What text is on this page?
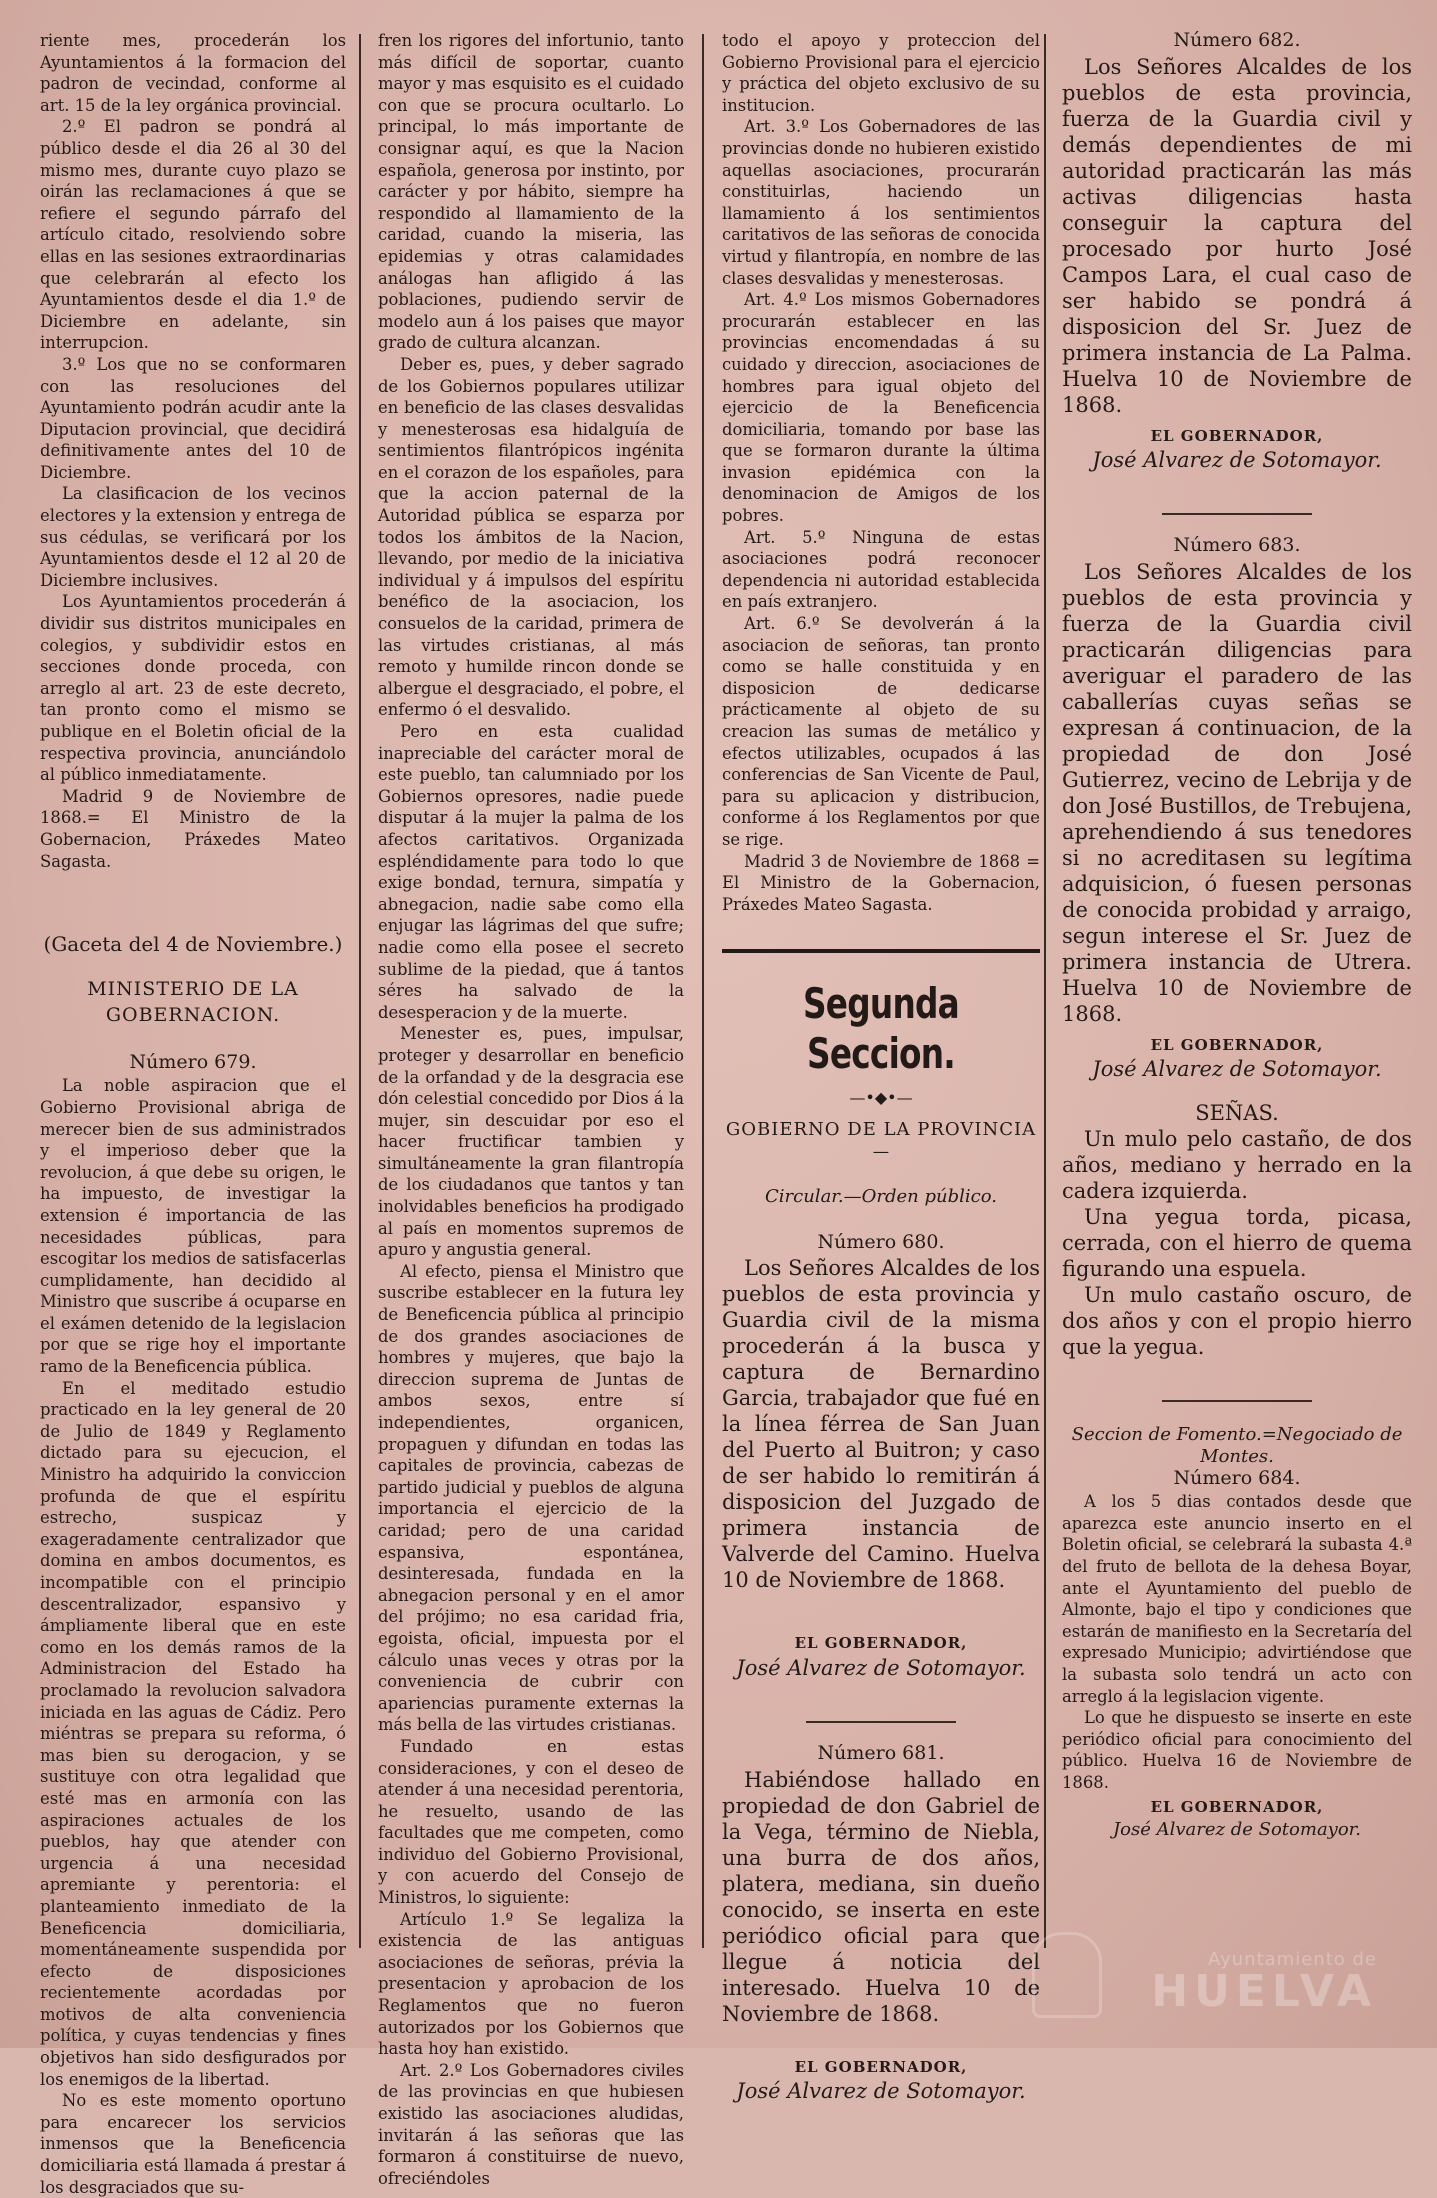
riente mes, procederán los Ayuntamientos á la formacion del padron de vecindad, conforme al art. 15 de la ley orgánica provincial.

2.º El padron se pondrá al público desde el dia 26 al 30 del mismo mes, durante cuyo plazo se oirán las reclamaciones á que se refiere el segundo párrafo del artículo citado, resolviendo sobre ellas en las sesiones extraordinarias que celebrarán al efecto los Ayuntamientos desde el dia 1.º de Diciembre en adelante, sin interrupcion.

3.º Los que no se conformaren con las resoluciones del Ayuntamiento podrán acudir ante la Diputacion provincial, que decidirá definitivamente antes del 10 de Diciembre.

La clasificacion de los vecinos electores y la extension y entrega de sus cédulas, se verificará por los Ayuntamientos desde el 12 al 20 de Diciembre inclusives.

Los Ayuntamientos procederán á dividir sus distritos municipales en colegios, y subdividir estos en secciones donde proceda, con arreglo al art. 23 de este decreto, tan pronto como el mismo se publique en el Boletin oficial de la respectiva provincia, anunciándolo al público inmediatamente.

Madrid 9 de Noviembre de 1868.= El Ministro de la Gobernacion, Práxedes Mateo Sagasta.

(Gaceta del 4 de Noviembre.)
MINISTERIO DE LA GOBERNACION.
Número 679.

La noble aspiracion que el Gobierno Provisional abriga de merecer bien de sus administrados y el imperioso deber que la revolucion, á que debe su origen, le ha impuesto, de investigar la extension é importancia de las necesidades públicas, para escogitar los medios de satisfacerlas cumplidamente, han decidido al Ministro que suscribe á ocuparse en el exámen detenido de la legislacion por que se rige hoy el importante ramo de la Beneficencia pública.

En el meditado estudio practicado en la ley general de 20 de Julio de 1849 y Reglamento dictado para su ejecucion, el Ministro ha adquirido la conviccion profunda de que el espíritu estrecho, suspicaz y exageradamente centralizador que domina en ambos documentos, es incompatible con el principio descentralizador, espansivo y ámpliamente liberal que en este como en los demás ramos de la Administracion del Estado ha proclamado la revolucion salvadora iniciada en las aguas de Cádiz. Pero miéntras se prepara su reforma, ó mas bien su derogacion, y se sustituye con otra legalidad que esté mas en armonía con las aspiraciones actuales de los pueblos, hay que atender con urgencia á una necesidad apremiante y perentoria: el planteamiento inmediato de la Beneficencia domiciliaria, momentáneamente suspendida por efecto de disposiciones recientemente acordadas por motivos de alta conveniencia política, y cuyas tendencias y fines objetivos han sido desfigurados por los enemigos de la libertad.

No es este momento oportuno para encarecer los servicios inmensos que la Beneficencia domiciliaria está llamada á prestar á los desgraciados que su-

fren los rigores del infortunio, tanto más difícil de soportar, cuanto mayor y mas esquisito es el cuidado con que se procura ocultarlo. Lo principal, lo más importante de consignar aquí, es que la Nacion española, generosa por instinto, por carácter y por hábito, siempre ha respondido al llamamiento de la caridad, cuando la miseria, las epidemias y otras calamidades análogas han afligido á las poblaciones, pudiendo servir de modelo aun á los paises que mayor grado de cultura alcanzan.

Deber es, pues, y deber sagrado de los Gobiernos populares utilizar en beneficio de las clases desvalidas y menesterosas esa hidalguía de sentimientos filantrópicos ingénita en el corazon de los españoles, para que la accion paternal de la Autoridad pública se esparza por todos los ámbitos de la Nacion, llevando, por medio de la iniciativa individual y á impulsos del espíritu benéfico de la asociacion, los consuelos de la caridad, primera de las virtudes cristianas, al más remoto y humilde rincon donde se albergue el desgraciado, el pobre, el enfermo ó el desvalido.

Pero en esta cualidad inapreciable del carácter moral de este pueblo, tan calumniado por los Gobiernos opresores, nadie puede disputar á la mujer la palma de los afectos caritativos. Organizada espléndidamente para todo lo que exige bondad, ternura, simpatía y abnegacion, nadie sabe como ella enjugar las lágrimas del que sufre; nadie como ella posee el secreto sublime de la piedad, que á tantos séres ha salvado de la desesperacion y de la muerte.

Menester es, pues, impulsar, proteger y desarrollar en beneficio de la orfandad y de la desgracia ese dón celestial concedido por Dios á la mujer, sin descuidar por eso el hacer fructificar tambien y simultáneamente la gran filantropía de los ciudadanos que tantos y tan inolvidables beneficios ha prodigado al país en momentos supremos de apuro y angustia general.

Al efecto, piensa el Ministro que suscribe establecer en la futura ley de Beneficencia pública al principio de dos grandes asociaciones de hombres y mujeres, que bajo la direccion suprema de Juntas de ambos sexos, entre sí independientes, organicen, propaguen y difundan en todas las capitales de provincia, cabezas de partido judicial y pueblos de alguna importancia el ejercicio de la caridad; pero de una caridad espansiva, espontánea, desinteresada, fundada en la abnegacion personal y en el amor del prójimo; no esa caridad fria, egoista, oficial, impuesta por el cálculo unas veces y otras por la conveniencia de cubrir con apariencias puramente externas la más bella de las virtudes cristianas.

Fundado en estas consideraciones, y con el deseo de atender á una necesidad perentoria, he resuelto, usando de las facultades que me competen, como individuo del Gobierno Provisional, y con acuerdo del Consejo de Ministros, lo siguiente:

Artículo 1.º Se legaliza la existencia de las antiguas asociaciones de señoras, prévia la presentacion y aprobacion de los Reglamentos que no fueron autorizados por los Gobiernos que hasta hoy han existido.

Art. 2.º Los Gobernadores civiles de las provincias en que hubiesen existido las asociaciones aludidas, invitarán á las señoras que las formaron á constituirse de nuevo, ofreciéndoles

todo el apoyo y proteccion del Gobierno Provisional para el ejercicio y práctica del objeto exclusivo de su institucion.

Art. 3.º Los Gobernadores de las provincias donde no hubieren existido aquellas asociaciones, procurarán constituirlas, haciendo un llamamiento á los sentimientos caritativos de las señoras de conocida virtud y filantropía, en nombre de las clases desvalidas y menesterosas.

Art. 4.º Los mismos Gobernadores procurarán establecer en las provincias encomendadas á su cuidado y direccion, asociaciones de hombres para igual objeto del ejercicio de la Beneficencia domiciliaria, tomando por base las que se formaron durante la última invasion epidémica con la denominacion de Amigos de los pobres.

Art. 5.º Ninguna de estas asociaciones podrá reconocer dependencia ni autoridad establecida en país extranjero.

Art. 6.º Se devolverán á la asociacion de señoras, tan pronto como se halle constituida y en disposicion de dedicarse prácticamente al objeto de su creacion las sumas de metálico y efectos utilizables, ocupados á las conferencias de San Vicente de Paul, para su aplicacion y distribucion, conforme á los Reglamentos por que se rige.

Madrid 3 de Noviembre de 1868 = El Ministro de la Gobernacion, Práxedes Mateo Sagasta.

Segunda Seccion.
—•◆•—
GOBIERNO DE LA PROVINCIA
—
Circular.—Orden público.
Número 680.

Los Señores Alcaldes de los pueblos de esta provincia y Guardia civil de la misma procederán á la busca y captura de Bernardino Garcia, trabajador que fué en la línea férrea de San Juan del Puerto al Buitron; y caso de ser habido lo remitirán á disposicion del Juzgado de primera instancia de Valverde del Camino. Huelva 10 de Noviembre de 1868.

EL GOBERNADOR,
José Alvarez de Sotomayor.
Número 681.

Habiéndose hallado en propiedad de don Gabriel de la Vega, término de Niebla, una burra de dos años, platera, mediana, sin dueño conocido, se inserta en este periódico oficial para que llegue á noticia del interesado. Huelva 10 de Noviembre de 1868.

EL GOBERNADOR,
José Alvarez de Sotomayor.
Número 682.

Los Señores Alcaldes de los pueblos de esta provincia, fuerza de la Guardia civil y demás dependientes de mi autoridad practicarán las más activas diligencias hasta conseguir la captura del procesado por hurto José Campos Lara, el cual caso de ser habido se pondrá á disposicion del Sr. Juez de primera instancia de La Palma. Huelva 10 de Noviembre de 1868.

EL GOBERNADOR,
José Alvarez de Sotomayor.
Número 683.

Los Señores Alcaldes de los pueblos de esta provincia y fuerza de la Guardia civil practicarán diligencias para averiguar el paradero de las caballerías cuyas señas se expresan á continuacion, de la propiedad de don José Gutierrez, vecino de Lebrija y de don José Bustillos, de Trebujena, aprehendiendo á sus tenedores si no acreditasen su legítima adquisicion, ó fuesen personas de conocida probidad y arraigo, segun interese el Sr. Juez de primera instancia de Utrera. Huelva 10 de Noviembre de 1868.

EL GOBERNADOR,
José Alvarez de Sotomayor.
SEÑAS.

Un mulo pelo castaño, de dos años, mediano y herrado en la cadera izquierda.

Una yegua torda, picasa, cerrada, con el hierro de quema figurando una espuela.

Un mulo castaño oscuro, de dos años y con el propio hierro que la yegua.

Seccion de Fomento.=Negociado de Montes.
Número 684.

A los 5 dias contados desde que aparezca este anuncio inserto en el Boletin oficial, se celebrará la subasta 4.ª del fruto de bellota de la dehesa Boyar, ante el Ayuntamiento del pueblo de Almonte, bajo el tipo y condiciones que estarán de manifiesto en la Secretaría del expresado Municipio; advirtiéndose que la subasta solo tendrá un acto con arreglo á la legislacion vigente.

Lo que he dispuesto se inserte en este periódico oficial para conocimiento del público. Huelva 16 de Noviembre de 1868.

EL GOBERNADOR,
José Alvarez de Sotomayor.
Ayuntamiento de
HUELVA
